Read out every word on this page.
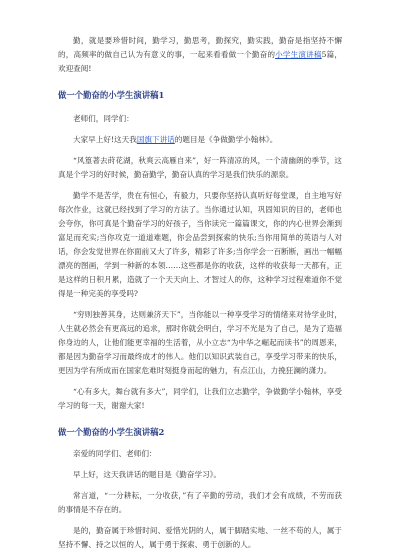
勤，就是要珍惜时间，勤学习，勤思考，勤探究，勤实践，勤奋是指坚持不懈的，高频率的做自己认为有意义的事，一起来看看做一个勤奋的小学生演讲稿5篇，欢迎查阅!

做一个勤奋的小学生演讲稿1

老师们，同学们：

大家早上好!这天我国旗下讲话的题目是《争做勤学小翰林》。

“风篁著去莳花湖，秋爽云高雁自来”，好一阵清凉的风，一个清幽朗的季节，这真是个学习的好时候，勤奋勤学，勤奋认真的学习是我们快乐的源泉。

勤学不是苦学，贵在有恒心，有毅力，只要你坚持认真听好每堂课，自主地写好每次作业，这就已经找到了学习的方法了。当你通过认知，巩固知识的目的，老师也会夸你，你可真是个勤奋学习的好孩子，当你读完一篇篇课文，你的内心世界会渐到富足而充实;当你攻克一道道难题，你会品尝到探索的快乐;当你用简单的英语与人对话，你会发觉世界在你面前又大了许多，精彩了许多;当你学会一百断断，画出一幅幅漂亮的图画，学到一种新的本领……这些都是你的收获，这样的收获每一天都有，正是这样的日积月累，造就了一个天天向上、才智过人的你，这种学习过程难道你不觉得是一种完美的享受吗?

“穷则独善其身，达则兼济天下”，当你能以一种享受学习的情绪来对待学业时，人生就必然会有更高远的追求，那时你就会明白，学习不光是为了自己，是为了造福你身边的人，让他们能更幸福的生活着，从小立志“为中华之崛起而读书”的周恩来，都是因为勤奋学习而最终成才的伟人。他们以知识武装自己，享受学习带来的快乐，更因为学有所成而在国家危难时刻挺身而起的魅力，有点江山，力挽狂澜的潇力。

“心有多大，舞台就有多大”，同学们，让我们立志勤学，争做勤学小翰林，享受学习的每一天，谢谢大家!

做一个勤奋的小学生演讲稿2

亲爱的同学们、老师们：

早上好，这天我讲话的题目是《勤奋学习》。

常言道，“一分耕耘，一分收获，”有了辛勤的劳动，我们才会有成绩，不劳而获的事情是不存在的。

是的，勤奋属于珍惜时间、爱惜光阴的人，属于脚踏实地、一丝不苟的人，属于坚持不懈、持之以恒的人，属于勇于探索、勇于创新的人。
